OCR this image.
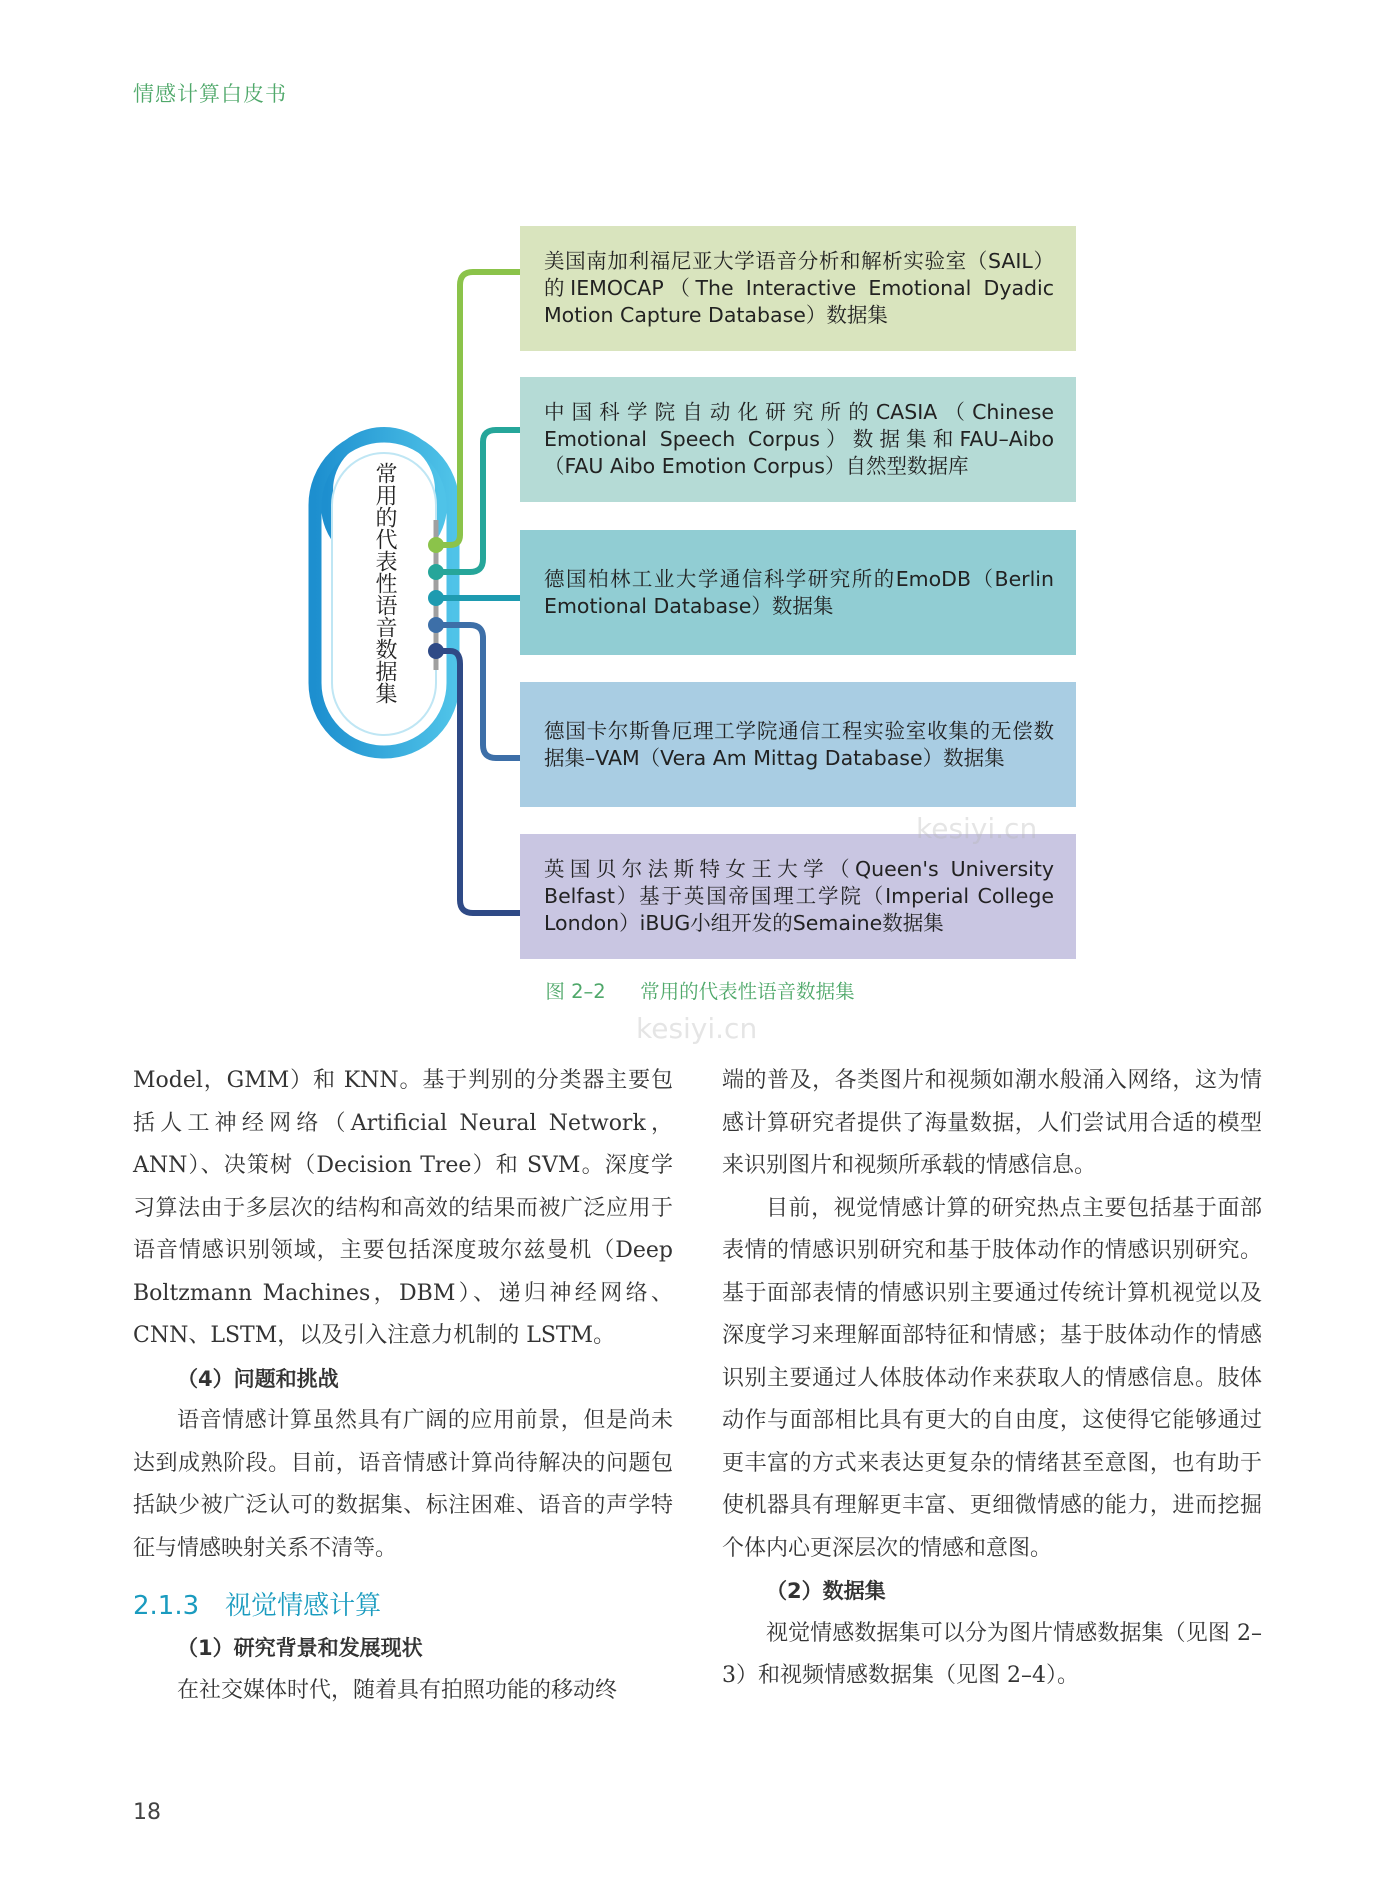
情感计算白皮书
常用的代表性语音数据集
美国南加利福尼亚大学语音分析和解析实验室（SAIL）的IEMOCAP（The Interactive Emotional Dyadic Motion Capture Database）数据集
中国科学院自动化研究所的CASIA（Chinese Emotional Speech Corpus）数据集和FAU–Aibo（FAU Aibo Emotion Corpus）自然型数据库
德国柏林工业大学通信科学研究所的EmoDB（Berlin Emotional Database）数据集
德国卡尔斯鲁厄理工学院通信工程实验室收集的无偿数据集–VAM（Vera Am Mittag Database）数据集
英国贝尔法斯特女王大学（Queen's University Belfast）基于英国帝国理工学院（Imperial College London）iBUG小组开发的Semaine数据集
图 2–2 常用的代表性语音数据集
kesiyi.cn
kesiyi.cn

Model，GMM）和 KNN。基于判别的分类器主要包括人工神经网络（Artificial Neural Network，ANN）、决策树（Decision Tree）和 SVM。深度学习算法由于多层次的结构和高效的结果而被广泛应用于语音情感识别领域，主要包括深度玻尔兹曼机（Deep Boltzmann Machines，DBM）、递归神经网络、CNN、LSTM，以及引入注意力机制的 LSTM。

（4）问题和挑战

语音情感计算虽然具有广阔的应用前景，但是尚未达到成熟阶段。目前，语音情感计算尚待解决的问题包括缺少被广泛认可的数据集、标注困难、语音的声学特征与情感映射关系不清等。

2.1.3　视觉情感计算
（1）研究背景和发展现状

在社交媒体时代，随着具有拍照功能的移动终

端的普及，各类图片和视频如潮水般涌入网络，这为情感计算研究者提供了海量数据，人们尝试用合适的模型来识别图片和视频所承载的情感信息。

目前，视觉情感计算的研究热点主要包括基于面部表情的情感识别研究和基于肢体动作的情感识别研究。基于面部表情的情感识别主要通过传统计算机视觉以及深度学习来理解面部特征和情感；基于肢体动作的情感识别主要通过人体肢体动作来获取人的情感信息。肢体动作与面部相比具有更大的自由度，这使得它能够通过更丰富的方式来表达更复杂的情绪甚至意图，也有助于使机器具有理解更丰富、更细微情感的能力，进而挖掘个体内心更深层次的情感和意图。

（2）数据集

视觉情感数据集可以分为图片情感数据集（见图 2–3）和视频情感数据集（见图 2–4）。

18
